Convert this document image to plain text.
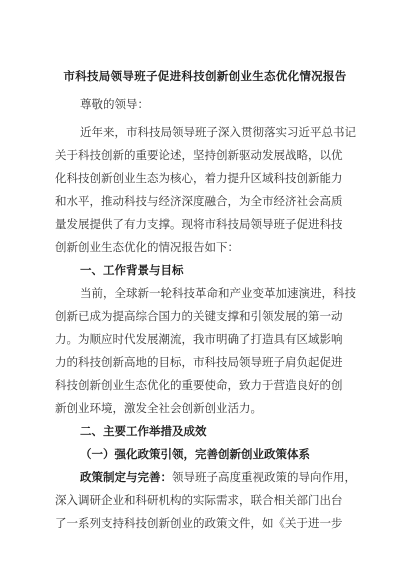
市科技局领导班子促进科技创新创业生态优化情况报告
尊敬的领导：
近年来，市科技局领导班子深入贯彻落实习近平总书记
关于科技创新的重要论述，坚持创新驱动发展战略，以优
化科技创新创业生态为核心，着力提升区域科技创新能力
和水平，推动科技与经济深度融合，为全市经济社会高质
量发展提供了有力支撑。现将市科技局领导班子促进科技
创新创业生态优化的情况报告如下：
一、工作背景与目标
当前，全球新一轮科技革命和产业变革加速演进，科技
创新已成为提高综合国力的关键支撑和引领发展的第一动
力。为顺应时代发展潮流，我市明确了打造具有区域影响
力的科技创新高地的目标，市科技局领导班子肩负起促进
科技创新创业生态优化的重要使命，致力于营造良好的创
新创业环境，激发全社会创新创业活力。
二、主要工作举措及成效
（一）强化政策引领，完善创新创业政策体系
政策制定与完善：领导班子高度重视政策的导向作用，
深入调研企业和科研机构的实际需求，联合相关部门出台
了一系列支持科技创新创业的政策文件，如《关于进一步
